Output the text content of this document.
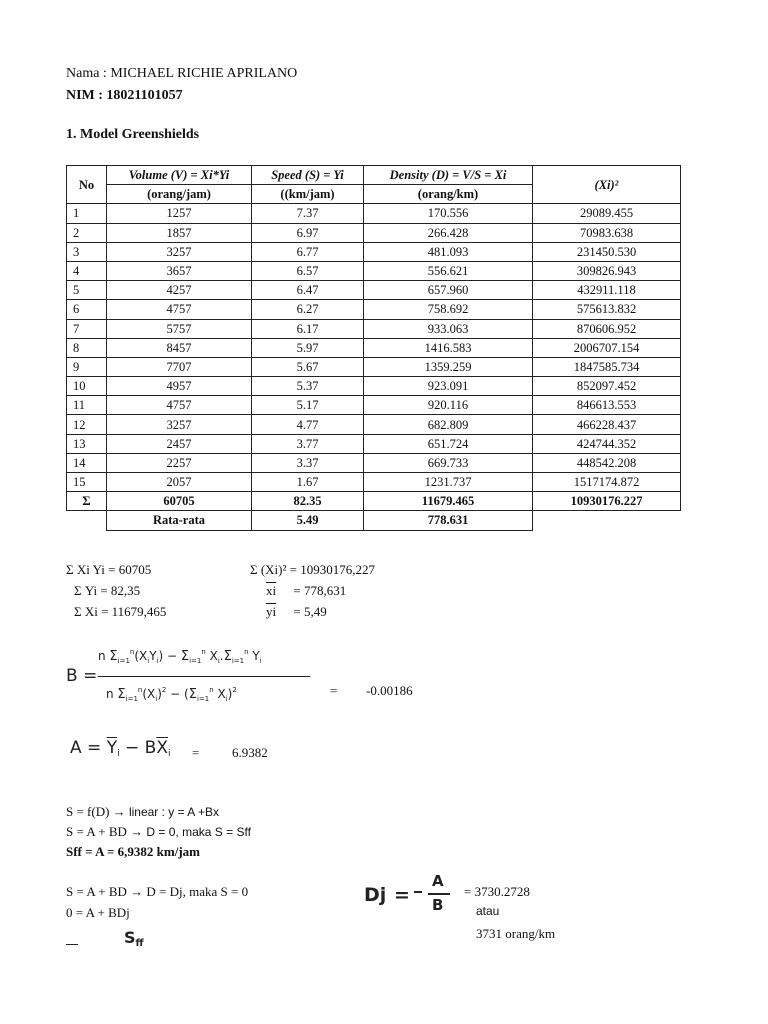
Nama : MICHAEL RICHIE APRILANO
NIM : 18021101057
1. Model Greenshields
No	Volume (V) = Xi*Yi	Speed (S) = Yi	Density (D) = V/S = Xi	(Xi)²
	(orang/jam)	((km/jam)	(orang/km)	
1	1257	7.37	170.556	29089.455
2	1857	6.97	266.428	70983.638
3	3257	6.77	481.093	231450.530
4	3657	6.57	556.621	309826.943
5	4257	6.47	657.960	432911.118
6	4757	6.27	758.692	575613.832
7	5757	6.17	933.063	870606.952
8	8457	5.97	1416.583	2006707.154
9	7707	5.67	1359.259	1847585.734
10	4957	5.37	923.091	852097.452
11	4757	5.17	920.116	846613.553
12	3257	4.77	682.809	466228.437
13	2457	3.77	651.724	424744.352
14	2257	3.37	669.733	448542.208
15	2057	1.67	1231.737	1517174.872
Σ	60705	82.35	11679.465	10930176.227
	Rata-rata	5.49	778.631	
Σ Xi Yi = 60705
Σ Yi = 82,35
Σ Xi = 11679,465
Σ (Xi)² = 10930176,227
$\overline{xi} = 778,631$
$\overline{yi} = 5,49$
B =
n $\Sigma_{i=1}^n(X_iY_i) - \Sigma_{i=1}^n$ $X_i.\Sigma_{i=1}^n$ $Y_i$
n $\Sigma_{i=1}^n(X_i)^2 - (\Sigma_{i=1}^n$ $X_i)^2$	= -0.00186
$A = \overline{Y}_i - B\overline{X}_i$ =	6.9382
S = f(D) → linear : y = A +Bx
S = A + BD → D = 0, maka S = Sff
Sff = A = 6,9382 km/jam
S = A + BD → D = Dj, maka S = 0
0 = A + BDj
Sff
Dj =
A
B
= 3730.2728
atau
3731 orang/km
